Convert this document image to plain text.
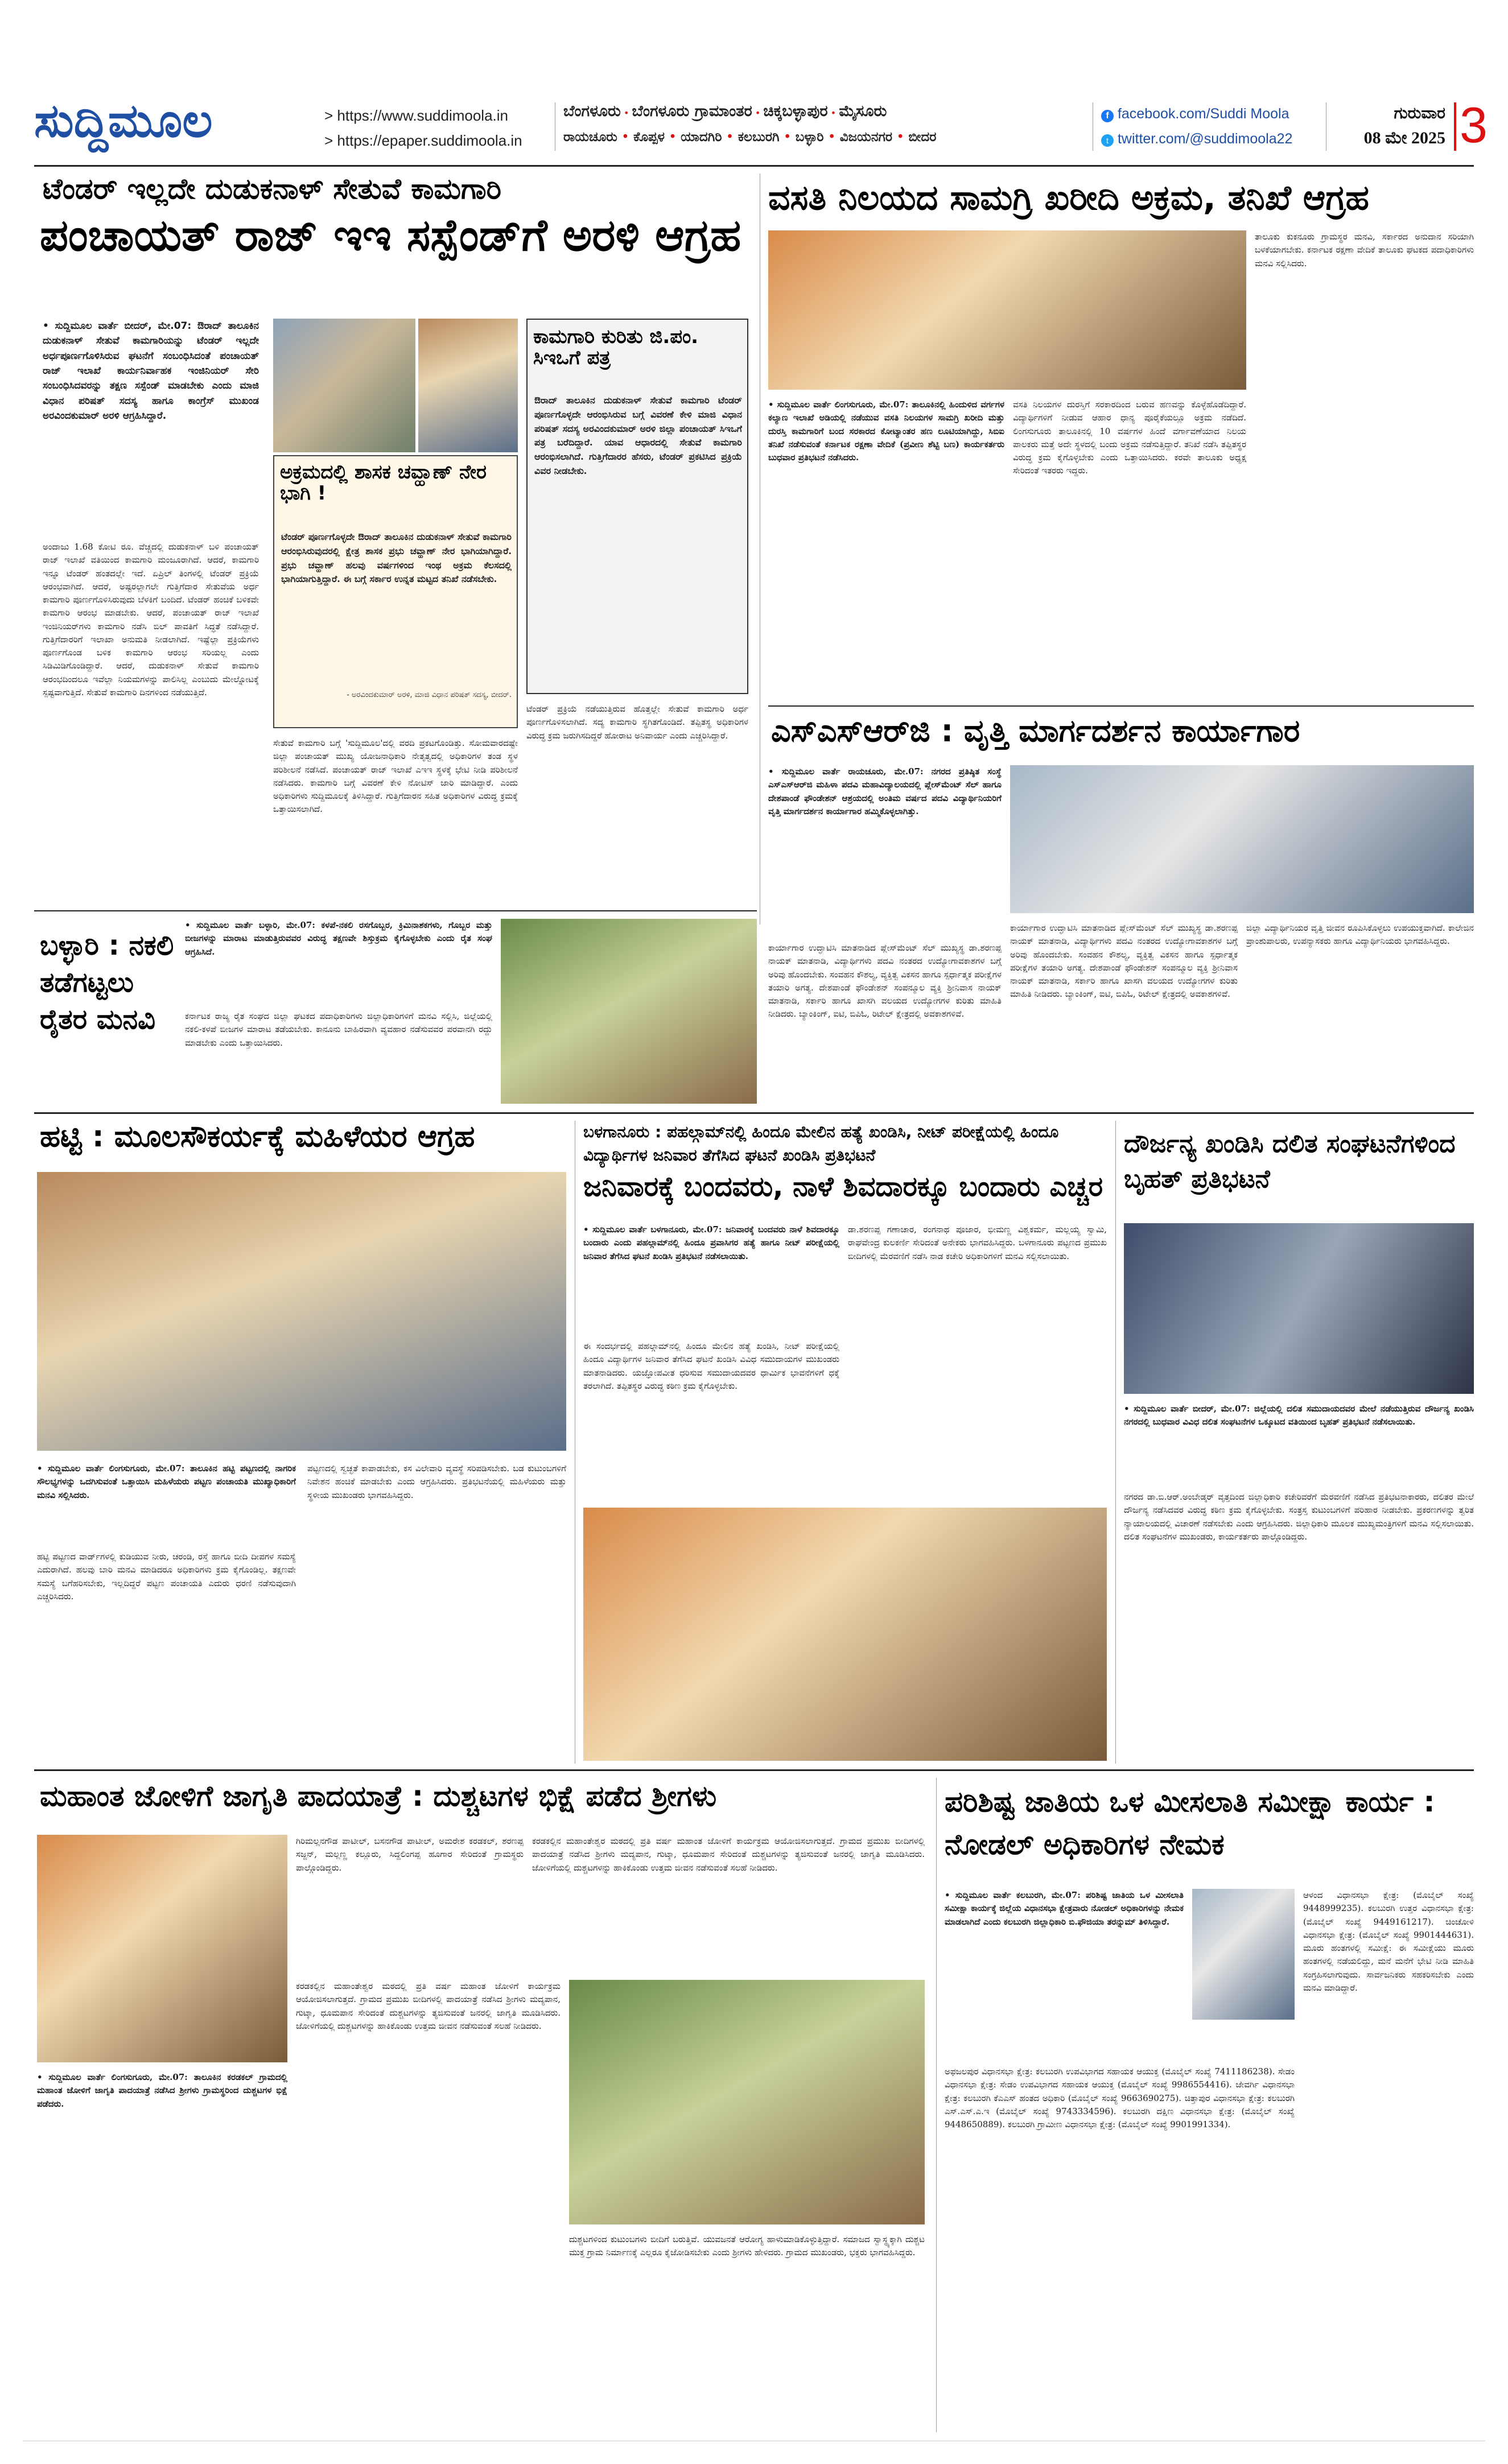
ಸುದ್ದಿಮೂಲ	> https://www.suddimoola.in
> https://epaper.suddimoola.in
ಬೆಂಗಳೂರು • ಬೆಂಗಳೂರು ಗ್ರಾಮಾಂತರ • ಚಿಕ್ಕಬಳ್ಳಾಪುರ • ಮೈಸೂರು
ರಾಯಚೂರು • ಕೊಪ್ಪಳ • ಯಾದಗಿರಿ • ಕಲಬುರಗಿ • ಬಳ್ಳಾರಿ • ವಿಜಯನಗರ • ಬೀದರ
f facebook.com/Suddi Moola
t twitter.com/@suddimoola22
ಗುರುವಾರ
08 ಮೇ 2025 3
ಟೆಂಡರ್ ಇಲ್ಲದೇ ದುಡುಕನಾಳ್ ಸೇತುವೆ ಕಾಮಗಾರಿ
ಪಂಚಾಯತ್ ರಾಜ್ ಇಇ ಸಸ್ಪೆಂಡ್‌ಗೆ ಅರಳಿ ಆಗ್ರಹ
• ಸುದ್ದಿಮೂಲ ವಾರ್ತೆ ಬೀದರ್, ಮೇ.07: ಔರಾದ್ ತಾಲೂಕಿನ ದುಡುಕನಾಳ್ ಸೇತುವೆ ಕಾಮಗಾರಿಯನ್ನು ಟೆಂಡರ್ ಇಲ್ಲದೇ ಅರ್ಧಪೂರ್ಣಗೊಳಿಸಿರುವ ಘಟನೆಗೆ ಸಂಬಂಧಿಸಿದಂತೆ ಪಂಚಾಯತ್ ರಾಜ್ ಇಲಾಖೆ ಕಾರ್ಯನಿರ್ವಾಹಕ ಇಂಜಿನಿಯರ್ ಸೇರಿ ಸಂಬಂಧಿಸಿದವರನ್ನು ತಕ್ಷಣ ಸಸ್ಪೆಂಡ್ ಮಾಡಬೇಕು ಎಂದು ಮಾಜಿ ವಿಧಾನ ಪರಿಷತ್ ಸದಸ್ಯ ಹಾಗೂ ಕಾಂಗ್ರೆಸ್ ಮುಖಂಡ ಅರವಿಂದಕುಮಾರ್ ಅರಳಿ ಆಗ್ರಹಿಸಿದ್ದಾರೆ.
ಅಂದಾಜು 1.68 ಕೋಟಿ ರೂ. ವೆಚ್ಚದಲ್ಲಿ ದುಡುಕನಾಳ್ ಬಳಿ ಪಂಚಾಯತ್ ರಾಜ್ ಇಲಾಖೆ ವತಿಯಿಂದ ಕಾಮಗಾರಿ ಮಂಜೂರಾಗಿದೆ. ಆದರೆ, ಕಾಮಗಾರಿ ಇನ್ನೂ ಟೆಂಡರ್ ಹಂತದಲ್ಲೇ ಇದೆ. ಏಪ್ರಿಲ್ ತಿಂಗಳಲ್ಲಿ ಟೆಂಡರ್ ಪ್ರಕ್ರಿಯೆ ಆರಂಭವಾಗಿದೆ. ಆದರೆ, ಅಷ್ಟರಲ್ಲಾಗಲೇ ಗುತ್ತಿಗೆದಾರ ಸೇತುವೆಯ ಅರ್ಧ ಕಾಮಗಾರಿ ಪೂರ್ಣಗೊಳಿಸಿರುವುದು ಬೆಳಕಿಗೆ ಬಂದಿದೆ. ಟೆಂಡರ್ ಹಂಚಿಕೆ ಬಳಿಕವೇ ಕಾಮಗಾರಿ ಆರಂಭ ಮಾಡಬೇಕು. ಆದರೆ, ಪಂಚಾಯತ್ ರಾಜ್ ಇಲಾಖೆ ಇಂಜಿನಿಯರ್‌ಗಳು ಕಾಮಗಾರಿ ನಡೆಸಿ ಬಿಲ್ ಪಾವತಿಗೆ ಸಿದ್ಧತೆ ನಡೆಸಿದ್ದಾರೆ. ಗುತ್ತಿಗೆದಾರರಿಗೆ ಇಲಾಖಾ ಅನುಮತಿ ನೀಡಲಾಗಿದೆ. ಇಷ್ಟೆಲ್ಲಾ ಪ್ರಕ್ರಿಯೆಗಳು ಪೂರ್ಣಗೊಂಡ ಬಳಿಕ ಕಾಮಗಾರಿ ಆರಂಭ ಸರಿಯಲ್ಲ ಎಂದು ಸಿಡಿಮಿಡಿಗೊಂಡಿದ್ದಾರೆ. ಆದರೆ, ದುಡುಕನಾಳ್ ಸೇತುವೆ ಕಾಮಗಾರಿ ಆರಂಭದಿಂದಲೂ ಇವೆಲ್ಲಾ ನಿಯಮಗಳನ್ನು ಪಾಲಿಸಿಲ್ಲ ಎಂಬುದು ಮೇಲ್ನೋಟಕ್ಕೆ ಸ್ಪಷ್ಟವಾಗುತ್ತಿದೆ. ಸೇತುವೆ ಕಾಮಗಾರಿ ದಿನಗಳಿಂದ ನಡೆಯುತ್ತಿದೆ.
ಅಕ್ರಮದಲ್ಲಿ ಶಾಸಕ ಚವ್ಹಾಣ್ ನೇರ ಭಾಗಿ !
ಟೆಂಡರ್ ಪೂರ್ಣಗೊಳ್ಳದೇ ಔರಾದ್ ತಾಲೂಕಿನ ದುಡುಕನಾಳ್ ಸೇತುವೆ ಕಾಮಗಾರಿ ಆರಂಭಿಸಿರುವುದರಲ್ಲಿ ಕ್ಷೇತ್ರ ಶಾಸಕ ಪ್ರಭು ಚವ್ಹಾಣ್ ನೇರ ಭಾಗಿಯಾಗಿದ್ದಾರೆ. ಪ್ರಭು ಚವ್ಹಾಣ್ ಹಲವು ವರ್ಷಗಳಿಂದ ಇಂಥ ಅಕ್ರಮ ಕೆಲಸದಲ್ಲಿ ಭಾಗಿಯಾಗುತ್ತಿದ್ದಾರೆ. ಈ ಬಗ್ಗೆ ಸರ್ಕಾರ ಉನ್ನತ ಮಟ್ಟದ ತನಿಖೆ ನಡೆಸಬೇಕು.
- ಅರವಿಂದಕುಮಾರ್ ಅರಳಿ, ಮಾಜಿ ವಿಧಾನ ಪರಿಷತ್ ಸದಸ್ಯ, ಬೀದರ್.
ಸೇತುವೆ ಕಾಮಗಾರಿ ಬಗ್ಗೆ 'ಸುದ್ದಿಮೂಲ'ದಲ್ಲಿ ವರದಿ ಪ್ರಕಟಗೊಂಡಿತ್ತು. ಸೋಮವಾರದಷ್ಟೇ ಜಿಲ್ಲಾ ಪಂಚಾಯತ್ ಮುಖ್ಯ ಯೋಜನಾಧಿಕಾರಿ ನೇತೃತ್ವದಲ್ಲಿ ಅಧಿಕಾರಿಗಳ ತಂಡ ಸ್ಥಳ ಪರಿಶೀಲನೆ ನಡೆಸಿದೆ. ಪಂಚಾಯತ್ ರಾಜ್ ಇಲಾಖೆ ಎಇಇ ಸ್ಥಳಕ್ಕೆ ಭೇಟಿ ನೀಡಿ ಪರಿಶೀಲನೆ ನಡೆಸಿದರು. ಕಾಮಗಾರಿ ಬಗ್ಗೆ ವಿವರಣೆ ಕೇಳಿ ನೋಟಿಸ್ ಜಾರಿ ಮಾಡಿದ್ದಾರೆ. ಎಂದು ಅಧಿಕಾರಿಗಳು ಸುದ್ದಿಮೂಲಕ್ಕೆ ತಿಳಿಸಿದ್ದಾರೆ. ಗುತ್ತಿಗೆದಾರನ ಸಹಿತ ಅಧಿಕಾರಿಗಳ ವಿರುದ್ಧ ಕ್ರಮಕ್ಕೆ ಒತ್ತಾಯಿಸಲಾಗಿದೆ.
ಕಾಮಗಾರಿ ಕುರಿತು ಜಿ.ಪಂ. ಸಿಇಒಗೆ ಪತ್ರ
ಔರಾದ್ ತಾಲೂಕಿನ ದುಡುಕನಾಳ್ ಸೇತುವೆ ಕಾಮಗಾರಿ ಟೆಂಡರ್ ಪೂರ್ಣಗೊಳ್ಳದೇ ಆರಂಭಿಸಿರುವ ಬಗ್ಗೆ ವಿವರಣೆ ಕೇಳಿ ಮಾಜಿ ವಿಧಾನ ಪರಿಷತ್ ಸದಸ್ಯ ಅರವಿಂದಕುಮಾರ್ ಅರಳಿ ಜಿಲ್ಲಾ ಪಂಚಾಯತ್ ಸಿಇಒಗೆ ಪತ್ರ ಬರೆದಿದ್ದಾರೆ. ಯಾವ ಆಧಾರದಲ್ಲಿ ಸೇತುವೆ ಕಾಮಗಾರಿ ಆರಂಭಿಸಲಾಗಿದೆ. ಗುತ್ತಿಗೆದಾರರ ಹೆಸರು, ಟೆಂಡರ್ ಪ್ರಕಟಿಸಿದ ಪ್ರಕ್ರಿಯೆ ವಿವರ ನೀಡಬೇಕು.
ಟೆಂಡರ್ ಪ್ರಕ್ರಿಯೆ ನಡೆಯುತ್ತಿರುವ ಹೊತ್ತಲ್ಲೇ ಸೇತುವೆ ಕಾಮಗಾರಿ ಅರ್ಧ ಪೂರ್ಣಗೊಳಿಸಲಾಗಿದೆ. ಸದ್ಯ ಕಾಮಗಾರಿ ಸ್ಥಗಿತಗೊಂಡಿದೆ. ತಪ್ಪಿತಸ್ಥ ಅಧಿಕಾರಿಗಳ ವಿರುದ್ಧ ಕ್ರಮ ಜರುಗಿಸದಿದ್ದರೆ ಹೋರಾಟ ಅನಿವಾರ್ಯ ಎಂದು ಎಚ್ಚರಿಸಿದ್ದಾರೆ.
ವಸತಿ ನಿಲಯದ ಸಾಮಗ್ರಿ ಖರೀದಿ ಅಕ್ರಮ, ತನಿಖೆ ಆಗ್ರಹ
• ಸುದ್ದಿಮೂಲ ವಾರ್ತೆ ಲಿಂಗಸುಗೂರು, ಮೇ.07: ತಾಲೂಕಿನಲ್ಲಿ ಹಿಂದುಳಿದ ವರ್ಗಗಳ ಕಲ್ಯಾಣ ಇಲಾಖೆ ಅಡಿಯಲ್ಲಿ ನಡೆಯುವ ವಸತಿ ನಿಲಯಗಳ ಸಾಮಗ್ರಿ ಖರೀದಿ ಮತ್ತು ದುರಸ್ತಿ ಕಾಮಗಾರಿಗೆ ಬಂದ ಸರಕಾರದ ಕೋಟ್ಯಾಂತರ ಹಣ ಲೂಟಿಯಾಗಿದ್ದು, ಸಿಬಿಐ ತನಿಖೆ ನಡೆಸುವಂತೆ ಕರ್ನಾಟಕ ರಕ್ಷಣಾ ವೇದಿಕೆ (ಪ್ರವೀಣ ಶೆಟ್ಟಿ ಬಣ) ಕಾರ್ಯಕರ್ತರು ಬುಧವಾರ ಪ್ರತಿಭಟನೆ ನಡೆಸಿದರು.
ವಸತಿ ನಿಲಯಗಳ ದುರಸ್ತಿಗೆ ಸರಕಾರದಿಂದ ಬರುವ ಹಣವನ್ನು ಕೊಳ್ಳೆಹೊಡೆದಿದ್ದಾರೆ. ವಿದ್ಯಾರ್ಥಿಗಳಿಗೆ ನೀಡುವ ಆಹಾರ ಧಾನ್ಯ ಪೂರೈಕೆಯಲ್ಲೂ ಅಕ್ರಮ ನಡೆದಿದೆ. ಲಿಂಗಸುಗೂರು ತಾಲೂಕಿನಲ್ಲಿ 10 ವರ್ಷಗಳ ಹಿಂದೆ ವರ್ಗಾವಣೆಯಾದ ನಿಲಯ ಪಾಲಕರು ಮತ್ತೆ ಅದೇ ಸ್ಥಳದಲ್ಲಿ ಬಂದು ಅಕ್ರಮ ನಡೆಸುತ್ತಿದ್ದಾರೆ. ತನಿಖೆ ನಡೆಸಿ ತಪ್ಪಿತಸ್ಥರ ವಿರುದ್ಧ ಕ್ರಮ ಕೈಗೊಳ್ಳಬೇಕು ಎಂದು ಒತ್ತಾಯಿಸಿದರು. ಕರವೇ ತಾಲೂಕು ಅಧ್ಯಕ್ಷ ಸೇರಿದಂತೆ ಇತರರು ಇದ್ದರು.
ತಾಲೂಕು ಕುಕನೂರು ಗ್ರಾಮಸ್ಥರ ಮನವಿ, ಸರ್ಕಾರದ ಅನುದಾನ ಸರಿಯಾಗಿ ಬಳಕೆಯಾಗಬೇಕು. ಕರ್ನಾಟಕ ರಕ್ಷಣಾ ವೇದಿಕೆ ತಾಲೂಕು ಘಟಕದ ಪದಾಧಿಕಾರಿಗಳು ಮನವಿ ಸಲ್ಲಿಸಿದರು.
ಎಸ್‌ಎಸ್‌ಆರ್‌ಜಿ : ವೃತ್ತಿ ಮಾರ್ಗದರ್ಶನ ಕಾರ್ಯಾಗಾರ
• ಸುದ್ದಿಮೂಲ ವಾರ್ತೆ ರಾಯಚೂರು, ಮೇ.07: ನಗರದ ಪ್ರತಿಷ್ಠಿತ ಸಂಸ್ಥೆ ಎಸ್‌ಎಸ್‌ಆರ್‌ಜಿ ಮಹಿಳಾ ಪದವಿ ಮಹಾವಿದ್ಯಾಲಯದಲ್ಲಿ ಪ್ಲೇಸ್‌ಮೆಂಟ್ ಸೆಲ್ ಹಾಗೂ ದೇಶಪಾಂಡೆ ಫೌಂಡೇಶನ್ ಆಶ್ರಯದಲ್ಲಿ ಅಂತಿಮ ವರ್ಷದ ಪದವಿ ವಿದ್ಯಾರ್ಥಿನಿಯರಿಗೆ ವೃತ್ತಿ ಮಾರ್ಗದರ್ಶನ ಕಾರ್ಯಾಗಾರ ಹಮ್ಮಿಕೊಳ್ಳಲಾಗಿತ್ತು.
ಕಾರ್ಯಾಗಾರ ಉದ್ಘಾಟಿಸಿ ಮಾತನಾಡಿದ ಪ್ಲೇಸ್‌ಮೆಂಟ್ ಸೆಲ್ ಮುಖ್ಯಸ್ಥ ಡಾ.ಶರಣಪ್ಪ ನಾಯಕ್ ಮಾತನಾಡಿ, ವಿದ್ಯಾರ್ಥಿಗಳು ಪದವಿ ನಂತರದ ಉದ್ಯೋಗಾವಕಾಶಗಳ ಬಗ್ಗೆ ಅರಿವು ಹೊಂದಬೇಕು. ಸಂವಹನ ಕೌಶಲ್ಯ, ವ್ಯಕ್ತಿತ್ವ ವಿಕಸನ ಹಾಗೂ ಸ್ಪರ್ಧಾತ್ಮಕ ಪರೀಕ್ಷೆಗಳ ತಯಾರಿ ಅಗತ್ಯ. ದೇಶಪಾಂಡೆ ಫೌಂಡೇಶನ್ ಸಂಪನ್ಮೂಲ ವ್ಯಕ್ತಿ ಶ್ರೀನಿವಾಸ ನಾಯಕ್ ಮಾತನಾಡಿ, ಸರ್ಕಾರಿ ಹಾಗೂ ಖಾಸಗಿ ವಲಯದ ಉದ್ಯೋಗಗಳ ಕುರಿತು ಮಾಹಿತಿ ನೀಡಿದರು. ಬ್ಯಾಂಕಿಂಗ್, ಐಟಿ, ಬಿಪಿಓ, ರಿಟೇಲ್ ಕ್ಷೇತ್ರದಲ್ಲಿ ಅವಕಾಶಗಳಿವೆ.
ಜಿಲ್ಲಾ ವಿದ್ಯಾರ್ಥಿನಿಯರ ವೃತ್ತಿ ಜೀವನ ರೂಪಿಸಿಕೊಳ್ಳಲು ಉಪಯುಕ್ತವಾಗಿದೆ. ಕಾಲೇಜಿನ ಪ್ರಾಂಶುಪಾಲರು, ಉಪನ್ಯಾಸಕರು ಹಾಗೂ ವಿದ್ಯಾರ್ಥಿನಿಯರು ಭಾಗವಹಿಸಿದ್ದರು.
ಕಾರ್ಯಾಗಾರ ಉದ್ಘಾಟಿಸಿ ಮಾತನಾಡಿದ ಪ್ಲೇಸ್‌ಮೆಂಟ್ ಸೆಲ್ ಮುಖ್ಯಸ್ಥ ಡಾ.ಶರಣಪ್ಪ ನಾಯಕ್ ಮಾತನಾಡಿ, ವಿದ್ಯಾರ್ಥಿಗಳು ಪದವಿ ನಂತರದ ಉದ್ಯೋಗಾವಕಾಶಗಳ ಬಗ್ಗೆ ಅರಿವು ಹೊಂದಬೇಕು. ಸಂವಹನ ಕೌಶಲ್ಯ, ವ್ಯಕ್ತಿತ್ವ ವಿಕಸನ ಹಾಗೂ ಸ್ಪರ್ಧಾತ್ಮಕ ಪರೀಕ್ಷೆಗಳ ತಯಾರಿ ಅಗತ್ಯ. ದೇಶಪಾಂಡೆ ಫೌಂಡೇಶನ್ ಸಂಪನ್ಮೂಲ ವ್ಯಕ್ತಿ ಶ್ರೀನಿವಾಸ ನಾಯಕ್ ಮಾತನಾಡಿ, ಸರ್ಕಾರಿ ಹಾಗೂ ಖಾಸಗಿ ವಲಯದ ಉದ್ಯೋಗಗಳ ಕುರಿತು ಮಾಹಿತಿ ನೀಡಿದರು. ಬ್ಯಾಂಕಿಂಗ್, ಐಟಿ, ಬಿಪಿಓ, ರಿಟೇಲ್ ಕ್ಷೇತ್ರದಲ್ಲಿ ಅವಕಾಶಗಳಿವೆ.
ಬಳ್ಳಾರಿ : ನಕಲಿ ತಡೆಗಟ್ಟಲು ರೈತರ ಮನವಿ
• ಸುದ್ದಿಮೂಲ ವಾರ್ತೆ ಬಳ್ಳಾರಿ, ಮೇ.07: ಕಳಪೆ-ನಕಲಿ ರಸಗೊಬ್ಬರ, ಕ್ರಿಮಿನಾಶಕಗಳು, ಗೊಬ್ಬರ ಮತ್ತು ಬೀಜಗಳನ್ನು ಮಾರಾಟ ಮಾಡುತ್ತಿರುವವರ ವಿರುದ್ಧ ತಕ್ಷಣವೇ ಶಿಸ್ತುಕ್ರಮ ಕೈಗೊಳ್ಳಬೇಕು ಎಂದು ರೈತ ಸಂಘ ಆಗ್ರಹಿಸಿದೆ.
ಕರ್ನಾಟಕ ರಾಜ್ಯ ರೈತ ಸಂಘದ ಜಿಲ್ಲಾ ಘಟಕದ ಪದಾಧಿಕಾರಿಗಳು ಜಿಲ್ಲಾಧಿಕಾರಿಗಳಿಗೆ ಮನವಿ ಸಲ್ಲಿಸಿ, ಜಿಲ್ಲೆಯಲ್ಲಿ ನಕಲಿ-ಕಳಪೆ ಬೀಜಗಳ ಮಾರಾಟ ತಡೆಯಬೇಕು. ಕಾನೂನು ಬಾಹಿರವಾಗಿ ವ್ಯವಹಾರ ನಡೆಸುವವರ ಪರವಾನಗಿ ರದ್ದು ಮಾಡಬೇಕು ಎಂದು ಒತ್ತಾಯಿಸಿದರು.
ಹಟ್ಟಿ : ಮೂಲಸೌಕರ್ಯಕ್ಕೆ ಮಹಿಳೆಯರ ಆಗ್ರಹ
• ಸುದ್ದಿಮೂಲ ವಾರ್ತೆ ಲಿಂಗಸುಗೂರು, ಮೇ.07: ತಾಲೂಕಿನ ಹಟ್ಟಿ ಪಟ್ಟಣದಲ್ಲಿ ನಾಗರಿಕ ಸೌಲಭ್ಯಗಳನ್ನು ಒದಗಿಸುವಂತೆ ಒತ್ತಾಯಿಸಿ ಮಹಿಳೆಯರು ಪಟ್ಟಣ ಪಂಚಾಯತಿ ಮುಖ್ಯಾಧಿಕಾರಿಗೆ ಮನವಿ ಸಲ್ಲಿಸಿದರು.
ಹಟ್ಟಿ ಪಟ್ಟಣದ ವಾರ್ಡ್‌ಗಳಲ್ಲಿ ಕುಡಿಯುವ ನೀರು, ಚರಂಡಿ, ರಸ್ತೆ ಹಾಗೂ ಬೀದಿ ದೀಪಗಳ ಸಮಸ್ಯೆ ಎದುರಾಗಿದೆ. ಹಲವು ಬಾರಿ ಮನವಿ ಮಾಡಿದರೂ ಅಧಿಕಾರಿಗಳು ಕ್ರಮ ಕೈಗೊಂಡಿಲ್ಲ. ತಕ್ಷಣವೇ ಸಮಸ್ಯೆ ಬಗೆಹರಿಸಬೇಕು, ಇಲ್ಲದಿದ್ದರೆ ಪಟ್ಟಣ ಪಂಚಾಯತಿ ಎದುರು ಧರಣಿ ನಡೆಸುವುದಾಗಿ ಎಚ್ಚರಿಸಿದರು.
ಪಟ್ಟಣದಲ್ಲಿ ಸ್ವಚ್ಛತೆ ಕಾಪಾಡಬೇಕು, ಕಸ ವಿಲೇವಾರಿ ವ್ಯವಸ್ಥೆ ಸರಿಪಡಿಸಬೇಕು. ಬಡ ಕುಟುಂಬಗಳಿಗೆ ನಿವೇಶನ ಹಂಚಿಕೆ ಮಾಡಬೇಕು ಎಂದು ಆಗ್ರಹಿಸಿದರು. ಪ್ರತಿಭಟನೆಯಲ್ಲಿ ಮಹಿಳೆಯರು ಮತ್ತು ಸ್ಥಳೀಯ ಮುಖಂಡರು ಭಾಗವಹಿಸಿದ್ದರು.
ಬಳಗಾನೂರು : ಪಹಲ್ಗಾಮ್‌ನಲ್ಲಿ ಹಿಂದೂ ಮೇಲಿನ ಹತ್ಯೆ ಖಂಡಿಸಿ, ನೀಟ್ ಪರೀಕ್ಷೆಯಲ್ಲಿ ಹಿಂದೂ ವಿದ್ಯಾರ್ಥಿಗಳ ಜನಿವಾರ ತೆಗೆಸಿದ ಘಟನೆ ಖಂಡಿಸಿ ಪ್ರತಿಭಟನೆ
ಜನಿವಾರಕ್ಕೆ ಬಂದವರು, ನಾಳೆ ಶಿವದಾರಕ್ಕೂ ಬಂದಾರು ಎಚ್ಚರ
• ಸುದ್ದಿಮೂಲ ವಾರ್ತೆ ಬಳಗಾನೂರು, ಮೇ.07: ಜನಿವಾರಕ್ಕೆ ಬಂದವರು ನಾಳೆ ಶಿವದಾರಕ್ಕೂ ಬಂದಾರು ಎಂದು ಪಹಲ್ಗಾಮ್‌ನಲ್ಲಿ ಹಿಂದೂ ಪ್ರವಾಸಿಗರ ಹತ್ಯೆ ಹಾಗೂ ನೀಟ್ ಪರೀಕ್ಷೆಯಲ್ಲಿ ಜನಿವಾರ ತೆಗೆಸಿದ ಘಟನೆ ಖಂಡಿಸಿ ಪ್ರತಿಭಟನೆ ನಡೆಸಲಾಯಿತು.
ಈ ಸಂದರ್ಭದಲ್ಲಿ ಪಹಲ್ಗಾಮ್‌ನಲ್ಲಿ ಹಿಂದೂ ಮೇಲಿನ ಹತ್ಯೆ ಖಂಡಿಸಿ, ನೀಟ್ ಪರೀಕ್ಷೆಯಲ್ಲಿ ಹಿಂದೂ ವಿದ್ಯಾರ್ಥಿಗಳ ಜನಿವಾರ ತೆಗೆಸಿದ ಘಟನೆ ಖಂಡಿಸಿ ವಿವಿಧ ಸಮುದಾಯಗಳ ಮುಖಂಡರು ಮಾತನಾಡಿದರು. ಯಜ್ಞೋಪವೀತ ಧರಿಸುವ ಸಮುದಾಯದವರ ಧಾರ್ಮಿಕ ಭಾವನೆಗಳಿಗೆ ಧಕ್ಕೆ ತರಲಾಗಿದೆ. ತಪ್ಪಿತಸ್ಥರ ವಿರುದ್ಧ ಕಠಿಣ ಕ್ರಮ ಕೈಗೊಳ್ಳಬೇಕು.
ಡಾ.ಶರಣಪ್ಪ ಗಣಾಚಾರ, ರಂಗನಾಥ ಪೂಜಾರ, ಭೀಮಣ್ಣ ವಿಶ್ವಕರ್ಮ, ಮಲ್ಲಯ್ಯ ಸ್ವಾಮಿ, ರಾಘವೇಂದ್ರ ಕುಲಕರ್ಣಿ ಸೇರಿದಂತೆ ಅನೇಕರು ಭಾಗವಹಿಸಿದ್ದರು. ಬಳಗಾನೂರು ಪಟ್ಟಣದ ಪ್ರಮುಖ ಬೀದಿಗಳಲ್ಲಿ ಮೆರವಣಿಗೆ ನಡೆಸಿ ನಾಡ ಕಚೇರಿ ಅಧಿಕಾರಿಗಳಿಗೆ ಮನವಿ ಸಲ್ಲಿಸಲಾಯಿತು.
ದೌರ್ಜನ್ಯ ಖಂಡಿಸಿ ದಲಿತ ಸಂಘಟನೆಗಳಿಂದ ಬೃಹತ್ ಪ್ರತಿಭಟನೆ
• ಸುದ್ದಿಮೂಲ ವಾರ್ತೆ ಬೀದರ್, ಮೇ.07: ಜಿಲ್ಲೆಯಲ್ಲಿ ದಲಿತ ಸಮುದಾಯದವರ ಮೇಲೆ ನಡೆಯುತ್ತಿರುವ ದೌರ್ಜನ್ಯ ಖಂಡಿಸಿ ನಗರದಲ್ಲಿ ಬುಧವಾರ ವಿವಿಧ ದಲಿತ ಸಂಘಟನೆಗಳ ಒಕ್ಕೂಟದ ವತಿಯಿಂದ ಬೃಹತ್ ಪ್ರತಿಭಟನೆ ನಡೆಸಲಾಯಿತು.
ನಗರದ ಡಾ.ಬಿ.ಆರ್.ಅಂಬೇಡ್ಕರ್ ವೃತ್ತದಿಂದ ಜಿಲ್ಲಾಧಿಕಾರಿ ಕಚೇರಿವರೆಗೆ ಮೆರವಣಿಗೆ ನಡೆಸಿದ ಪ್ರತಿಭಟನಾಕಾರರು, ದಲಿತರ ಮೇಲೆ ದೌರ್ಜನ್ಯ ನಡೆಸಿದವರ ವಿರುದ್ಧ ಕಠಿಣ ಕ್ರಮ ಕೈಗೊಳ್ಳಬೇಕು. ಸಂತ್ರಸ್ತ ಕುಟುಂಬಗಳಿಗೆ ಪರಿಹಾರ ನೀಡಬೇಕು. ಪ್ರಕರಣಗಳನ್ನು ತ್ವರಿತ ನ್ಯಾಯಾಲಯದಲ್ಲಿ ವಿಚಾರಣೆ ನಡೆಸಬೇಕು ಎಂದು ಆಗ್ರಹಿಸಿದರು. ಜಿಲ್ಲಾಧಿಕಾರಿ ಮೂಲಕ ಮುಖ್ಯಮಂತ್ರಿಗಳಿಗೆ ಮನವಿ ಸಲ್ಲಿಸಲಾಯಿತು. ದಲಿತ ಸಂಘಟನೆಗಳ ಮುಖಂಡರು, ಕಾರ್ಯಕರ್ತರು ಪಾಲ್ಗೊಂಡಿದ್ದರು.
ಮಹಾಂತ ಜೋಳಿಗೆ ಜಾಗೃತಿ ಪಾದಯಾತ್ರೆ : ದುಶ್ಚಟಗಳ ಭಿಕ್ಷೆ ಪಡೆದ ಶ್ರೀಗಳು
ಗಿರಿಮಲ್ಲನಗೌಡ ಪಾಟೀಲ್, ಬಸನಗೌಡ ಪಾಟೀಲ್, ಅಮರೇಶ ಕರಡಕಲ್, ಶರಣಪ್ಪ ಸಜ್ಜನ್, ಮಲ್ಲಣ್ಣ ಕಲ್ಲೂರು, ಸಿದ್ದಲಿಂಗಪ್ಪ ಹೂಗಾರ ಸೇರಿದಂತೆ ಗ್ರಾಮಸ್ಥರು ಪಾಲ್ಗೊಂಡಿದ್ದರು.
ಕರಡಕಲ್ಲಿನ ಮಹಾಂತೇಶ್ವರ ಮಠದಲ್ಲಿ ಪ್ರತಿ ವರ್ಷ ಮಹಾಂತ ಜೋಳಿಗೆ ಕಾರ್ಯಕ್ರಮ ಆಯೋಜಿಸಲಾಗುತ್ತದೆ. ಗ್ರಾಮದ ಪ್ರಮುಖ ಬೀದಿಗಳಲ್ಲಿ ಪಾದಯಾತ್ರೆ ನಡೆಸಿದ ಶ್ರೀಗಳು ಮದ್ಯಪಾನ, ಗುಟ್ಕಾ, ಧೂಮಪಾನ ಸೇರಿದಂತೆ ದುಶ್ಚಟಗಳನ್ನು ತ್ಯಜಿಸುವಂತೆ ಜನರಲ್ಲಿ ಜಾಗೃತಿ ಮೂಡಿಸಿದರು. ಜೋಳಿಗೆಯಲ್ಲಿ ದುಶ್ಚಟಗಳನ್ನು ಹಾಕಿಕೊಂಡು ಉತ್ತಮ ಜೀವನ ನಡೆಸುವಂತೆ ಸಲಹೆ ನೀಡಿದರು.
• ಸುದ್ದಿಮೂಲ ವಾರ್ತೆ ಲಿಂಗಸುಗೂರು, ಮೇ.07: ತಾಲೂಕಿನ ಕರಡಕಲ್ ಗ್ರಾಮದಲ್ಲಿ ಮಹಾಂತ ಜೋಳಿಗೆ ಜಾಗೃತಿ ಪಾದಯಾತ್ರೆ ನಡೆಸಿದ ಶ್ರೀಗಳು ಗ್ರಾಮಸ್ಥರಿಂದ ದುಶ್ಚಟಗಳ ಭಿಕ್ಷೆ ಪಡೆದರು.
ಕರಡಕಲ್ಲಿನ ಮಹಾಂತೇಶ್ವರ ಮಠದಲ್ಲಿ ಪ್ರತಿ ವರ್ಷ ಮಹಾಂತ ಜೋಳಿಗೆ ಕಾರ್ಯಕ್ರಮ ಆಯೋಜಿಸಲಾಗುತ್ತದೆ. ಗ್ರಾಮದ ಪ್ರಮುಖ ಬೀದಿಗಳಲ್ಲಿ ಪಾದಯಾತ್ರೆ ನಡೆಸಿದ ಶ್ರೀಗಳು ಮದ್ಯಪಾನ, ಗುಟ್ಕಾ, ಧೂಮಪಾನ ಸೇರಿದಂತೆ ದುಶ್ಚಟಗಳನ್ನು ತ್ಯಜಿಸುವಂತೆ ಜನರಲ್ಲಿ ಜಾಗೃತಿ ಮೂಡಿಸಿದರು. ಜೋಳಿಗೆಯಲ್ಲಿ ದುಶ್ಚಟಗಳನ್ನು ಹಾಕಿಕೊಂಡು ಉತ್ತಮ ಜೀವನ ನಡೆಸುವಂತೆ ಸಲಹೆ ನೀಡಿದರು.
ದುಶ್ಚಟಗಳಿಂದ ಕುಟುಂಬಗಳು ಬೀದಿಗೆ ಬರುತ್ತಿವೆ. ಯುವಜನತೆ ಆರೋಗ್ಯ ಹಾಳುಮಾಡಿಕೊಳ್ಳುತ್ತಿದ್ದಾರೆ. ಸಮಾಜದ ಸ್ವಾಸ್ಥ್ಯಕ್ಕಾಗಿ ದುಶ್ಚಟ ಮುಕ್ತ ಗ್ರಾಮ ನಿರ್ಮಾಣಕ್ಕೆ ಎಲ್ಲರೂ ಕೈಜೋಡಿಸಬೇಕು ಎಂದು ಶ್ರೀಗಳು ಹೇಳಿದರು. ಗ್ರಾಮದ ಮುಖಂಡರು, ಭಕ್ತರು ಭಾಗವಹಿಸಿದ್ದರು.
ಪರಿಶಿಷ್ಟ ಜಾತಿಯ ಒಳ ಮೀಸಲಾತಿ ಸಮೀಕ್ಷಾ ಕಾರ್ಯ : ನೋಡಲ್ ಅಧಿಕಾರಿಗಳ ನೇಮಕ
• ಸುದ್ದಿಮೂಲ ವಾರ್ತೆ ಕಲಬುರಗಿ, ಮೇ.07: ಪರಿಶಿಷ್ಟ ಜಾತಿಯ ಒಳ ಮೀಸಲಾತಿ ಸಮೀಕ್ಷಾ ಕಾರ್ಯಕ್ಕೆ ಜಿಲ್ಲೆಯ ವಿಧಾನಸಭಾ ಕ್ಷೇತ್ರವಾರು ನೋಡಲ್ ಅಧಿಕಾರಿಗಳನ್ನು ನೇಮಕ ಮಾಡಲಾಗಿದೆ ಎಂದು ಕಲಬುರಗಿ ಜಿಲ್ಲಾಧಿಕಾರಿ ಬಿ.ಫೌಜಿಯಾ ತರನ್ನುಮ್ ತಿಳಿಸಿದ್ದಾರೆ.
ಆಳಂದ ವಿಧಾನಸಭಾ ಕ್ಷೇತ್ರ: (ಮೊಬೈಲ್ ಸಂಖ್ಯೆ 9448999235). ಕಲಬುರಗಿ ಉತ್ತರ ವಿಧಾನಸಭಾ ಕ್ಷೇತ್ರ: (ಮೊಬೈಲ್ ಸಂಖ್ಯೆ 9449161217). ಚಿಂಚೋಳಿ ವಿಧಾನಸಭಾ ಕ್ಷೇತ್ರ: (ಮೊಬೈಲ್ ಸಂಖ್ಯೆ 9901444631). ಮೂರು ಹಂತಗಳಲ್ಲಿ ಸಮೀಕ್ಷೆ: ಈ ಸಮೀಕ್ಷೆಯು ಮೂರು ಹಂತಗಳಲ್ಲಿ ನಡೆಯಲಿದ್ದು, ಮನೆ ಮನೆಗೆ ಭೇಟಿ ನೀಡಿ ಮಾಹಿತಿ ಸಂಗ್ರಹಿಸಲಾಗುವುದು. ಸಾರ್ವಜನಿಕರು ಸಹಕರಿಸಬೇಕು ಎಂದು ಮನವಿ ಮಾಡಿದ್ದಾರೆ.
ಅಫಜಲಪುರ ವಿಧಾನಸಭಾ ಕ್ಷೇತ್ರ: ಕಲಬುರಗಿ ಉಪವಿಭಾಗದ ಸಹಾಯಕ ಆಯುಕ್ತ (ಮೊಬೈಲ್ ಸಂಖ್ಯೆ 7411186238). ಸೇಡಂ ವಿಧಾನಸಭಾ ಕ್ಷೇತ್ರ: ಸೇಡಂ ಉಪವಿಭಾಗದ ಸಹಾಯಕ ಆಯುಕ್ತ (ಮೊಬೈಲ್ ಸಂಖ್ಯೆ 9986554416). ಜೇವರ್ಗಿ ವಿಧಾನಸಭಾ ಕ್ಷೇತ್ರ: ಕಲಬುರಗಿ ಕೆಎಎಸ್ ಹಂತದ ಅಧಿಕಾರಿ (ಮೊಬೈಲ್ ಸಂಖ್ಯೆ 9663690275). ಚಿತ್ತಾಪುರ ವಿಧಾನಸಭಾ ಕ್ಷೇತ್ರ: ಕಲಬುರಗಿ ಎಸ್.ಎಸ್.ಎ.ಇ (ಮೊಬೈಲ್ ಸಂಖ್ಯೆ 9743334596). ಕಲಬುರಗಿ ದಕ್ಷಿಣ ವಿಧಾನಸಭಾ ಕ್ಷೇತ್ರ: (ಮೊಬೈಲ್ ಸಂಖ್ಯೆ 9448650889). ಕಲಬುರಗಿ ಗ್ರಾಮೀಣ ವಿಧಾನಸಭಾ ಕ್ಷೇತ್ರ: (ಮೊಬೈಲ್ ಸಂಖ್ಯೆ 9901991334).
